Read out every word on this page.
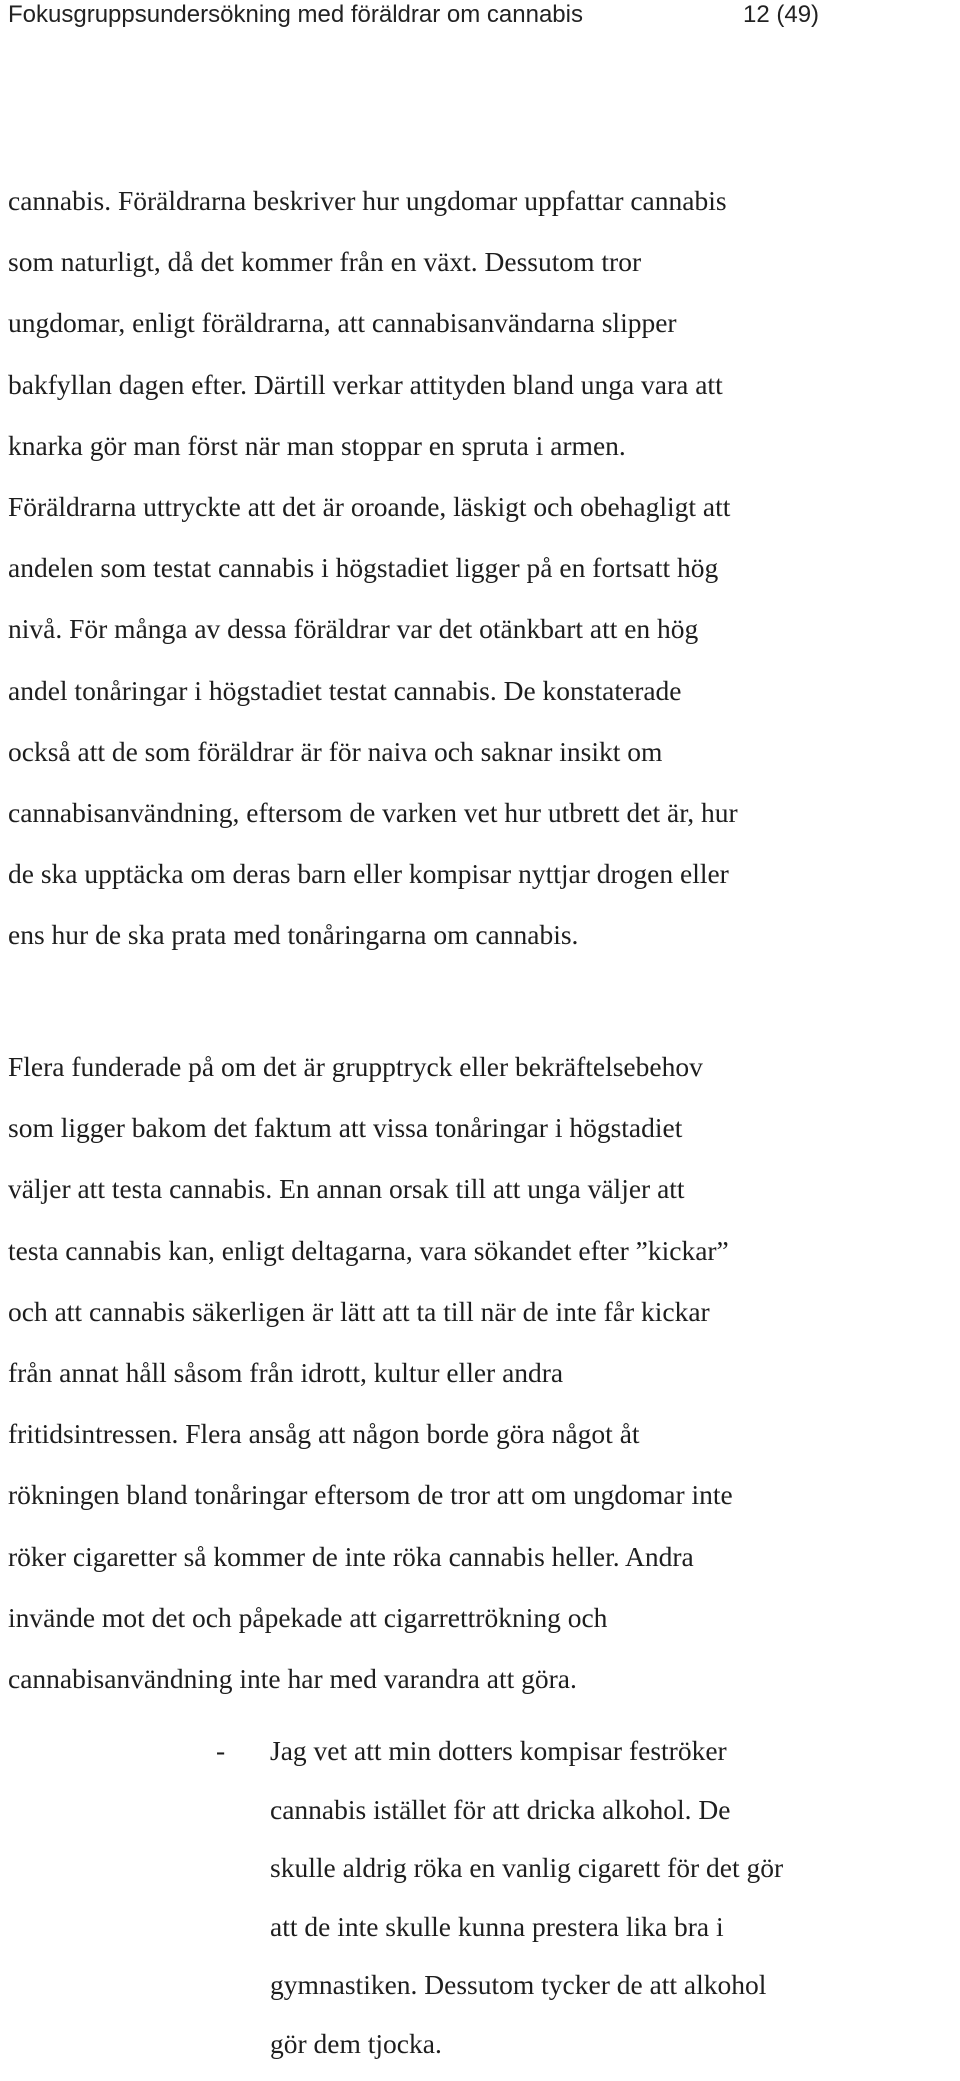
Fokusgruppsundersökning med föräldrar om cannabis	12 (49)
cannabis. Föräldrarna beskriver hur ungdomar uppfattar cannabis
som naturligt, då det kommer från en växt. Dessutom tror
ungdomar, enligt föräldrarna, att cannabisanvändarna slipper
bakfyllan dagen efter. Därtill verkar attityden bland unga vara att
knarka gör man först när man stoppar en spruta i armen.
Föräldrarna uttryckte att det är oroande, läskigt och obehagligt att
andelen som testat cannabis i högstadiet ligger på en fortsatt hög
nivå. För många av dessa föräldrar var det otänkbart att en hög
andel tonåringar i högstadiet testat cannabis. De konstaterade
också att de som föräldrar är för naiva och saknar insikt om
cannabisanvändning, eftersom de varken vet hur utbrett det är, hur
de ska upptäcka om deras barn eller kompisar nyttjar drogen eller
ens hur de ska prata med tonåringarna om cannabis.
Flera funderade på om det är grupptryck eller bekräftelsebehov
som ligger bakom det faktum att vissa tonåringar i högstadiet
väljer att testa cannabis. En annan orsak till att unga väljer att
testa cannabis kan, enligt deltagarna, vara sökandet efter ”kickar”
och att cannabis säkerligen är lätt att ta till när de inte får kickar
från annat håll såsom från idrott, kultur eller andra
fritidsintressen. Flera ansåg att någon borde göra något åt
rökningen bland tonåringar eftersom de tror att om ungdomar inte
röker cigaretter så kommer de inte röka cannabis heller. Andra
invände mot det och påpekade att cigarrettrökning och
cannabisanvändning inte har med varandra att göra.
- Jag vet att min dotters kompisar feströker
cannabis istället för att dricka alkohol. De
skulle aldrig röka en vanlig cigarett för det gör
att de inte skulle kunna prestera lika bra i
gymnastiken. Dessutom tycker de att alkohol
gör dem tjocka.
